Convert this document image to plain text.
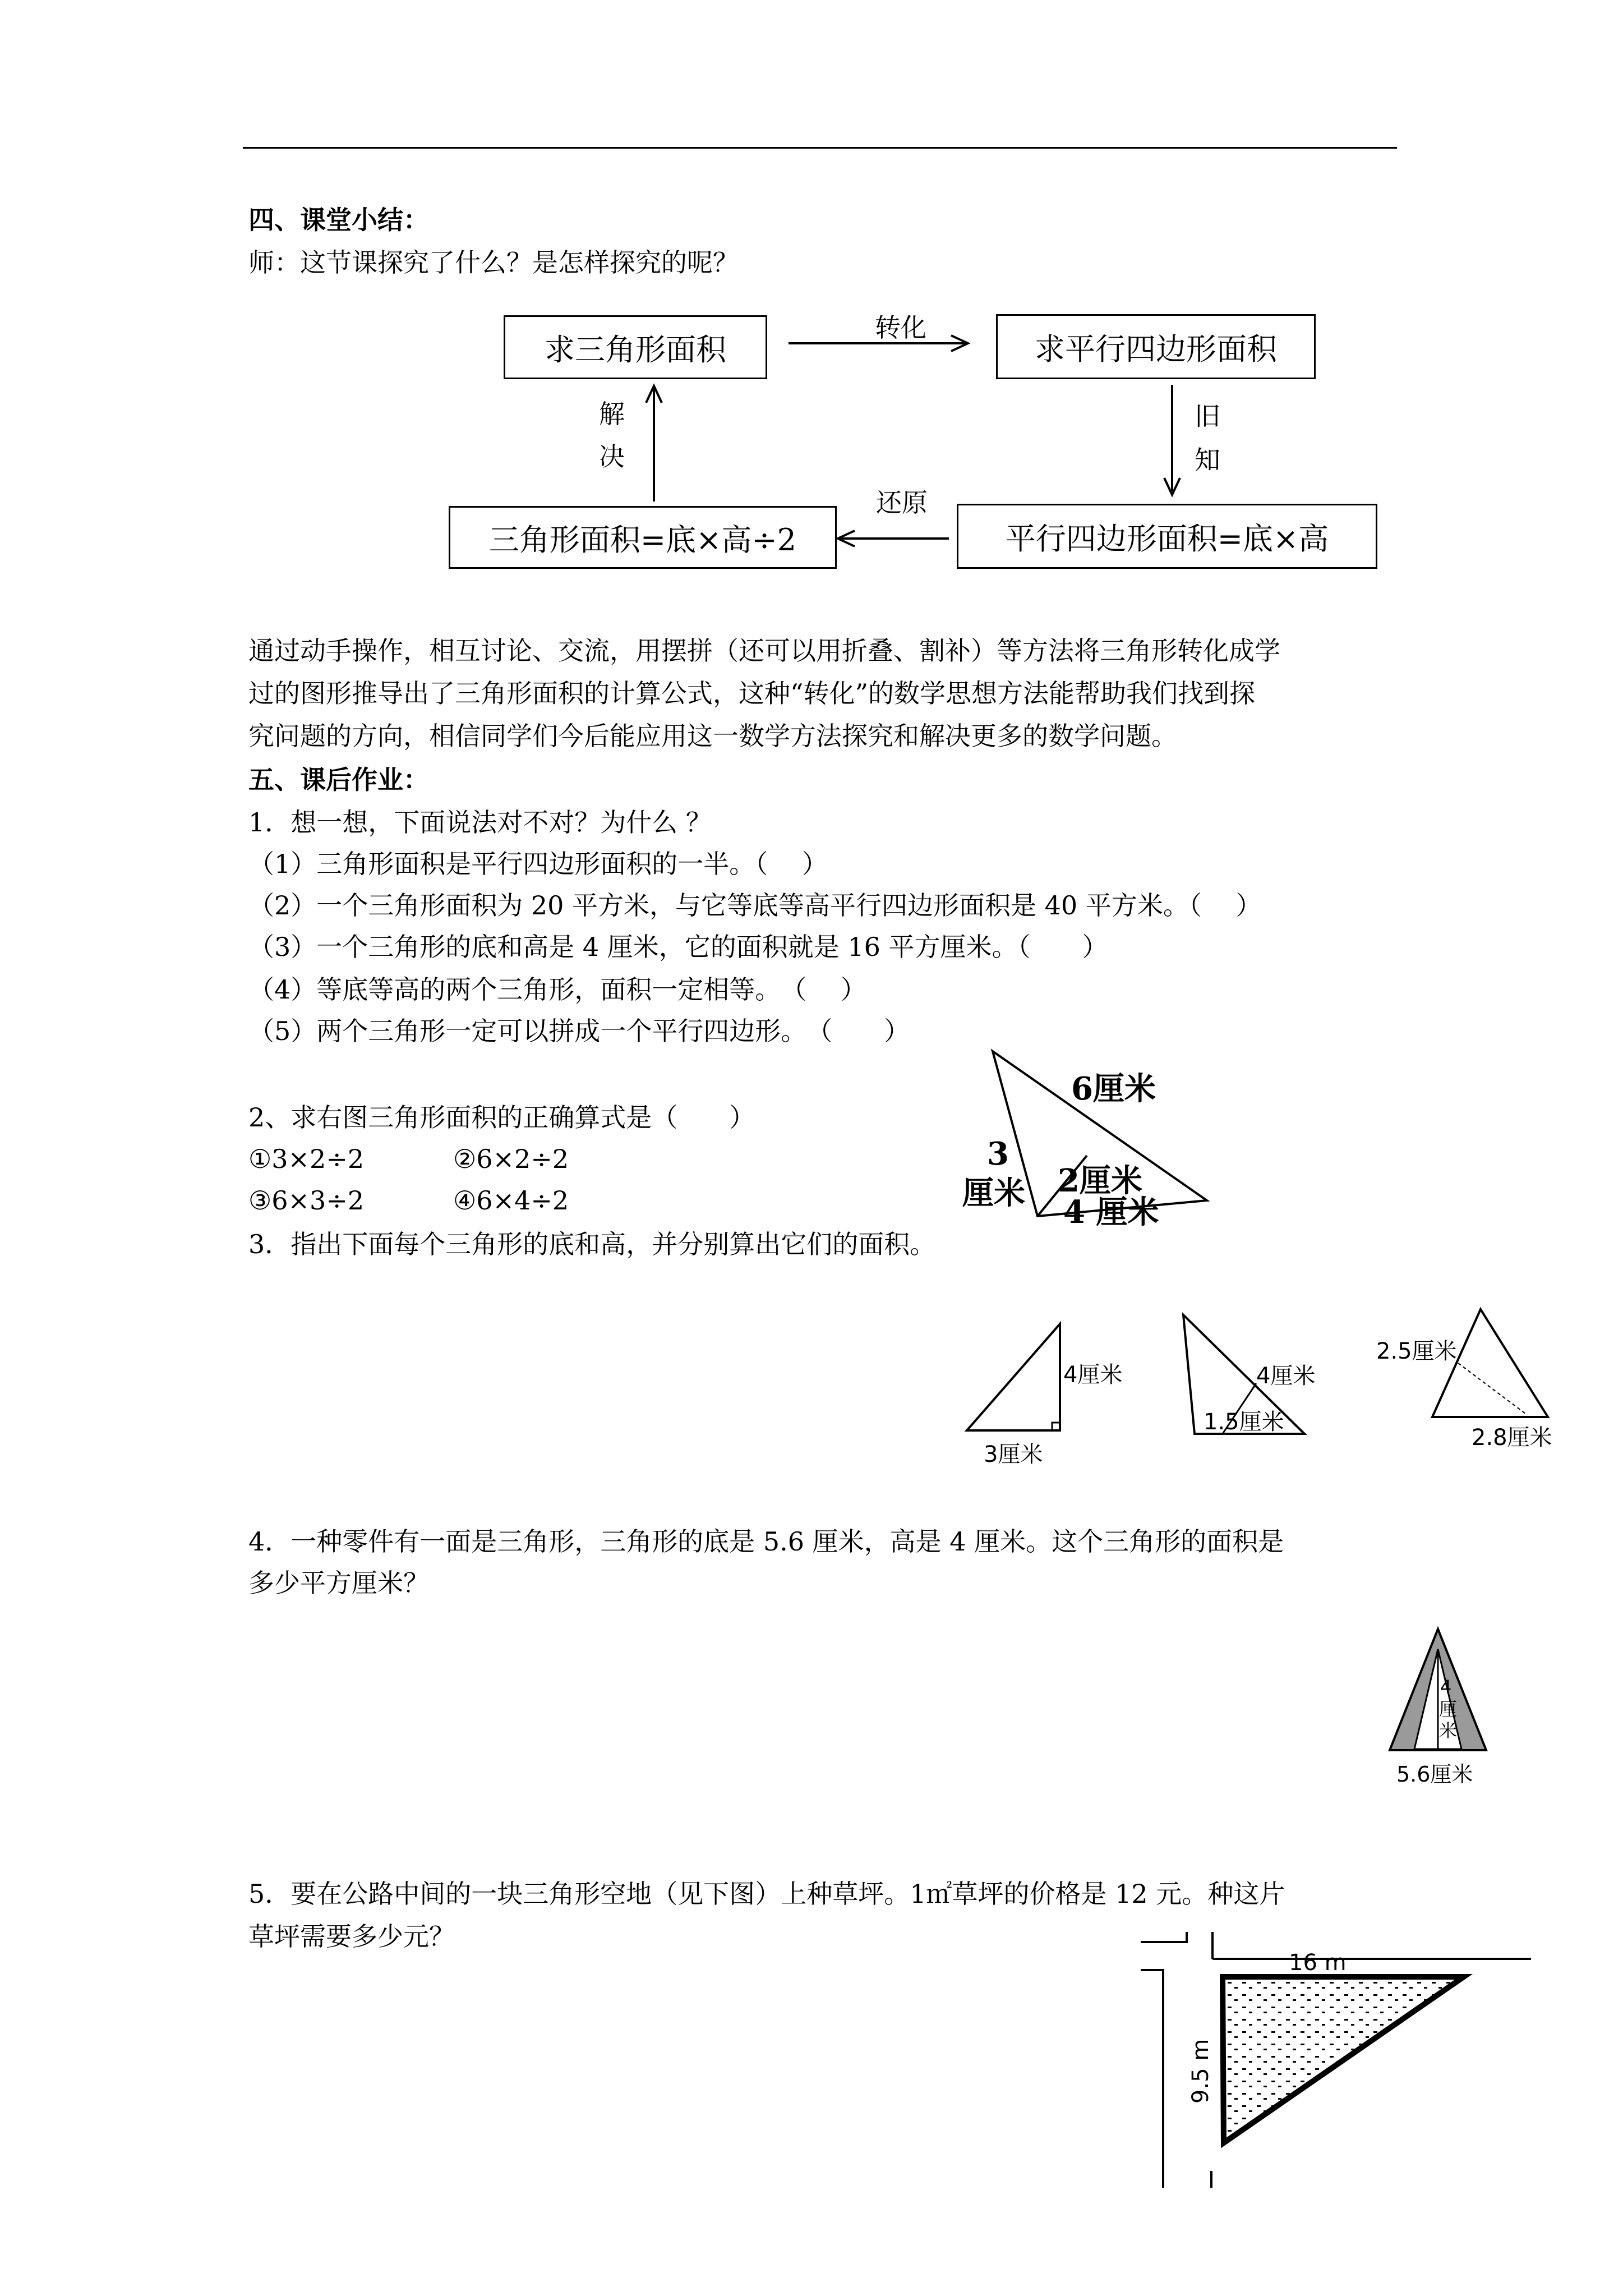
四、课堂小结：
师：这节课探究了什么？是怎样探究的呢？
求三角形面积	求平行四边形面积
三角形面积=底×高÷2	平行四边形面积=底×高
转化
旧
知
还原
解
决
通过动手操作，相互讨论、交流，用摆拼（还可以用折叠、割补）等方法将三角形转化成学
过的图形推导出了三角形面积的计算公式，这种“转化”的数学思想方法能帮助我们找到探
究问题的方向，相信同学们今后能应用这一数学方法探究和解决更多的数学问题。
五、课后作业：
1．想一想，下面说法对不对？为什么 ？
（1）三角形面积是平行四边形面积的一半。（　 ）
（2）一个三角形面积为 20 平方米，与它等底等高平行四边形面积是 40 平方米。（　 ）
（3）一个三角形的底和高是 4 厘米，它的面积就是 16 平方厘米。（　　）
（4）等底等高的两个三角形，面积一定相等。　（　 ）
（5）两个三角形一定可以拼成一个平行四边形。　（　　）
2、求右图三角形面积的正确算式是（　　）
①3×2÷2	②6×2÷2
③6×3÷2	④6×4÷2
6厘米
3
厘米 2厘米
4 厘米
3．指出下面每个三角形的底和高，并分别算出它们的面积。
4厘米
3厘米
4厘米
1.5厘米
2.5厘米
2.8厘米
4．一种零件有一面是三角形，三角形的底是 5.6 厘米，高是 4 厘米。这个三角形的面积是
多少平方厘米？
4
厘
米
5.6厘米
5．要在公路中间的一块三角形空地（见下图）上种草坪。1㎡草坪的价格是 12 元。种这片
草坪需要多少元？
16 m
9.5 m
